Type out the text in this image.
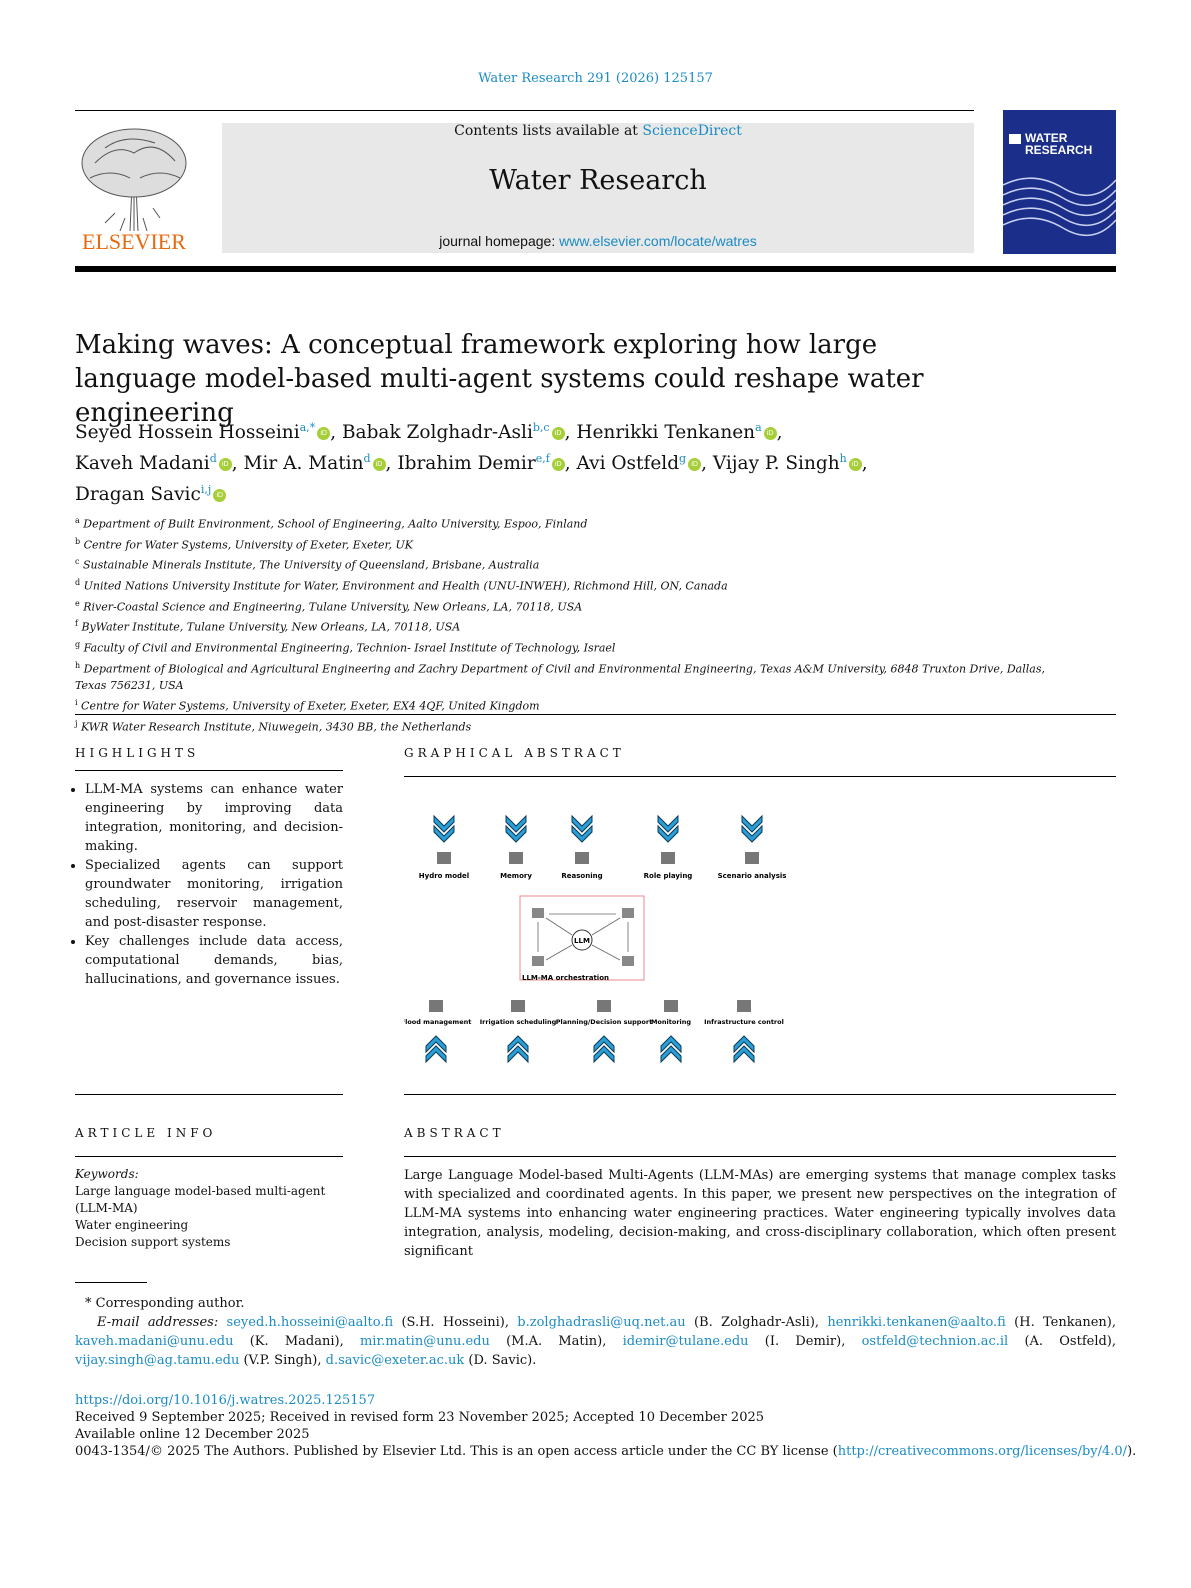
Water Research 291 (2026) 125157
ELSEVIER
Contents lists available at ScienceDirect
Water Research
journal homepage: www.elsevier.com/locate/watres
WATER
RESEARCH
Making waves: A conceptual framework exploring how large language model-based multi-agent systems could reshape water engineering
Seyed Hossein Hosseini$^{a,*}$ iD , Babak Zolghadr-Asli$^{b,c}$ iD , Henrikki Tenkanen$^a$ iD ,
Kaveh Madani$^d$ iD , Mir A. Matin$^d$ iD , Ibrahim Demir$^{e,f}$ iD , Avi Ostfeld$^g$ iD , Vijay P. Singh$^h$ iD ,
Dragan Savic$^{i,j}$ iD
$^a$ Department of Built Environment, School of Engineering, Aalto University, Espoo, Finland
$^b$ Centre for Water Systems, University of Exeter, Exeter, UK
$^c$ Sustainable Minerals Institute, The University of Queensland, Brisbane, Australia
$^d$ United Nations University Institute for Water, Environment and Health (UNU-INWEH), Richmond Hill, ON, Canada
$^e$ River-Coastal Science and Engineering, Tulane University, New Orleans, LA, 70118, USA
$^f$ ByWater Institute, Tulane University, New Orleans, LA, 70118, USA
$^g$ Faculty of Civil and Environmental Engineering, Technion- Israel Institute of Technology, Israel
$^h$ Department of Biological and Agricultural Engineering and Zachry Department of Civil and Environmental Engineering, Texas A&M University, 6848 Truxton Drive, Dallas, Texas 756231, USA
$^i$ Centre for Water Systems, University of Exeter, Exeter, EX4 4QF, United Kingdom
$^j$ KWR Water Research Institute, Niuwegein, 3430 BB, the Netherlands
HIGHLIGHTS
• LLM-MA systems can enhance water engineering by improving data integration, monitoring, and decision-making.
• Specialized agents can support groundwater monitoring, irrigation scheduling, reservoir management, and post-disaster response.
• Key challenges include data access, computational demands, bias, hallucinations, and governance issues.
GRAPHICAL ABSTRACT
Hydro model	Memory	Reasoning	Role playing	Scenario analysis
LLM
LLM-MA orchestration
Flood management Irrigation scheduling Planning/Decision support
Monitoring Infrastructure control
ARTICLE INFO
Keywords:
Large language model-based multi-agent (LLM-MA)
Water engineering
Decision support systems
ABSTRACT
Large Language Model-based Multi-Agents (LLM-MAs) are emerging systems that manage complex tasks with specialized and coordinated agents. In this paper, we present new perspectives on the integration of LLM-MA systems into enhancing water engineering practices. Water engineering typically involves data integration, analysis, modeling, decision-making, and cross-disciplinary collaboration, which often present significant
* Corresponding author.
E-mail addresses: seyed.h.hosseini@aalto.fi (S.H. Hosseini), b.zolghadrasli@uq.net.au (B. Zolghadr-Asli), henrikki.tenkanen@aalto.fi (H. Tenkanen), kaveh.madani@unu.edu (K. Madani), mir.matin@unu.edu (M.A. Matin), idemir@tulane.edu (I. Demir), ostfeld@technion.ac.il (A. Ostfeld), vijay.singh@ag.tamu.edu (V.P. Singh), d.savic@exeter.ac.uk (D. Savic).
https://doi.org/10.1016/j.watres.2025.125157
Received 9 September 2025; Received in revised form 23 November 2025; Accepted 10 December 2025
Available online 12 December 2025
0043-1354/© 2025 The Authors. Published by Elsevier Ltd. This is an open access article under the CC BY license (http://creativecommons.org/licenses/by/4.0/).
